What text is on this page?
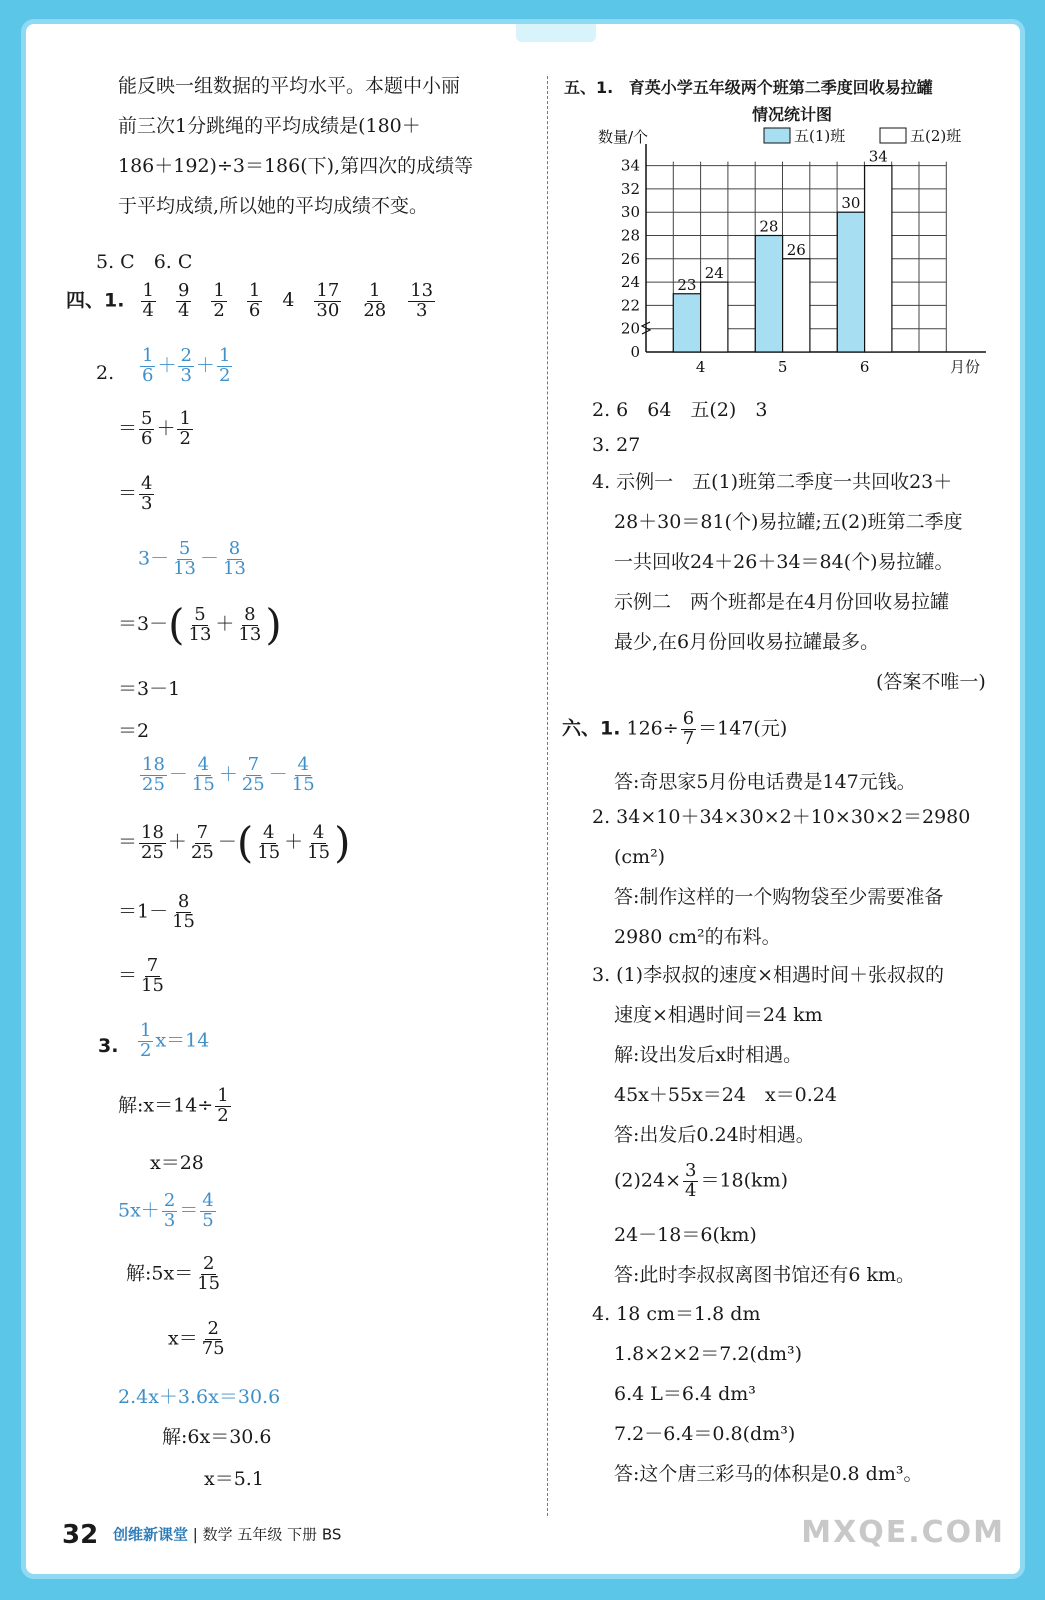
能反映一组数据的平均水平。本题中小丽
前三次1分跳绳的平均成绩是(180＋
186＋192)÷3＝186(下),第四次的成绩等
于平均成绩,所以她的平均成绩不变。
5. C　6. C
四、1. $\frac{1}{4} \frac{9}{4} \frac{1}{2} \frac{1}{6} 4 \frac{17}{30} \frac{1}{28} \frac{13}{3}$
2. $\frac{1}{6} + \frac{2}{3} + \frac{1}{2}$
＝ $\frac{5}{6} + \frac{1}{2}$
＝ $\frac{4}{3}$
$3- \frac{5}{13} - \frac{8}{13}$
$=3-( \frac{5}{13} + \frac{8}{13}$ )
＝3－1
＝2
$\frac{18}{25} - \frac{4}{15} + \frac{7}{25} - \frac{4}{15}$
＝ $\frac{18}{25} + \frac{7}{25}$ －( $\frac{4}{15} + \frac{4}{15}$ )
$=1- \frac{8}{15}$
＝ $\frac{7}{15}$
3. $\frac{1}{2} x=14$
解:x＝14÷ $\frac{1}{2}$
x＝28
$5x+ \frac{2}{3} = \frac{4}{5}$
解:5x＝ $\frac{2}{15}$
$x= \frac{2}{75}$
2.4x＋3.6x＝30.6
解:6x＝30.6
x＝5.1
五、1. 育英小学五年级两个班第二季度回收易拉罐
情况统计图
0
20
22
24
26
28
30
32
34
数量/个
月份
五(1)班	五(2)班
23
24
4
28
26
5
30
34
6
2. 6　64　五(2)　3
3. 27
4. 示例一　五(1)班第二季度一共回收23＋
28＋30＝81(个)易拉罐;五(2)班第二季度
一共回收24＋26＋34＝84(个)易拉罐。
示例二　两个班都是在4月份回收易拉罐
最少,在6月份回收易拉罐最多。
(答案不唯一)
六、1. $126\div \frac{6}{7} =147$(元)
答:奇思家5月份电话费是147元钱。
2. 34×10＋34×30×2＋10×30×2＝2980
(cm²)
答:制作这样的一个购物袋至少需要准备
2980 cm²的布料。
3. (1)李叔叔的速度×相遇时间＋张叔叔的
速度×相遇时间＝24 km
解:设出发后x时相遇。
45x＋55x＝24　x＝0.24
答:出发后0.24时相遇。
$(2)24\times \frac{3}{4} =18(km)$
24－18＝6(km)
答:此时李叔叔离图书馆还有6 km。
4. 18 cm＝1.8 dm
1.8×2×2＝7.2(dm³)
6.4 L＝6.4 dm³
7.2－6.4＝0.8(dm³)
答:这个唐三彩马的体积是0.8 dm³。
32 创维新课堂 | 数学 五年级 下册 BS	MXQE.COM
